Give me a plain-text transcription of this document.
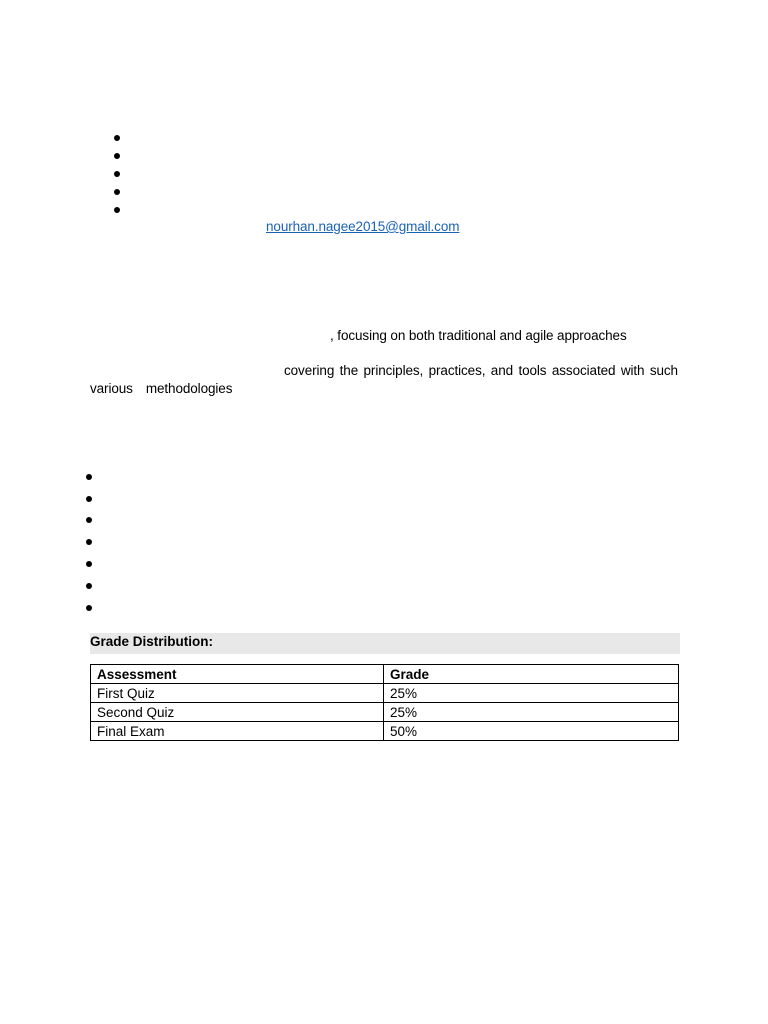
nourhan.nagee2015@gmail.com
, focusing on both traditional and agile approaches
covering the principles, practices, and tools associated with such
various methodologies
Grade Distribution:
Assessment	Grade
First Quiz	25%
Second Quiz	25%
Final Exam	50%
